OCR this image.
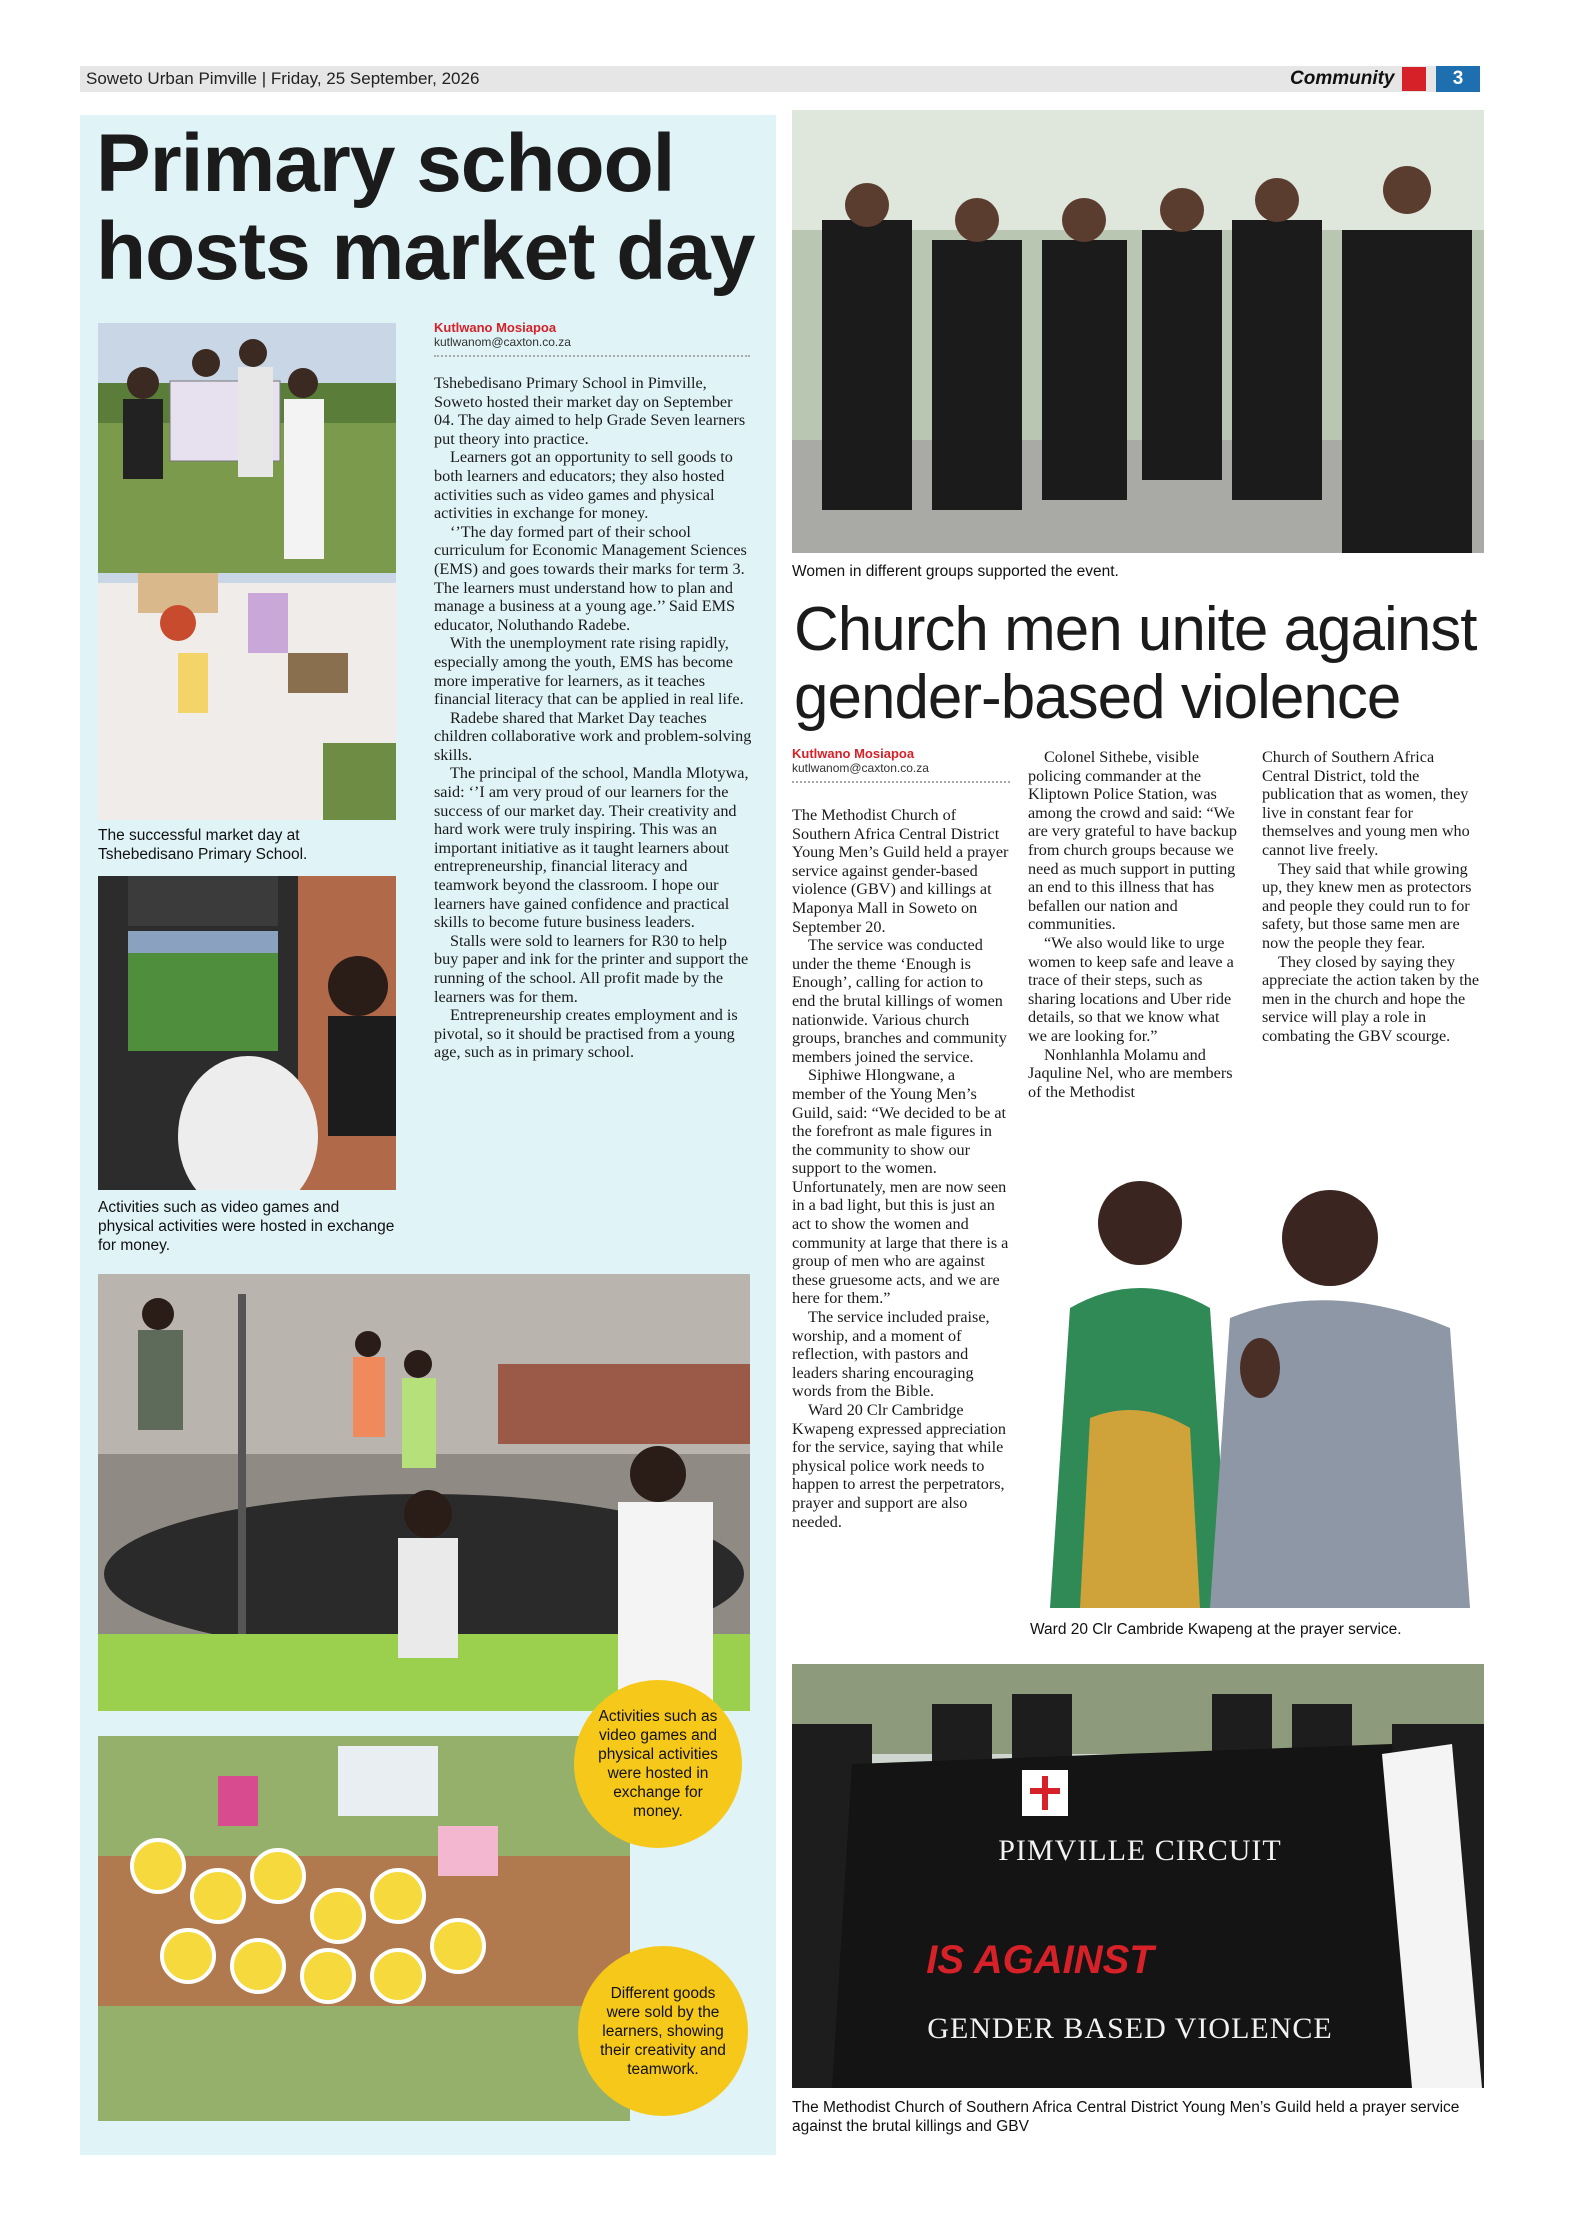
Soweto Urban Pimville | Friday, 25 September, 2026	Community	3
Primary school hosts market day
The successful market day at Tshebedisano Primary School.
Kutlwano Mosiapoa
kutlwanom@caxton.co.za

Tshebedisano Primary School in Pimville, Soweto hosted their market day on September 04. The day aimed to help Grade Seven learners put theory into practice.

Learners got an opportunity to sell goods to both learners and educators; they also hosted activities such as video games and physical activities in exchange for money.

‘’The day formed part of their school curriculum for Economic Management Sciences (EMS) and goes towards their marks for term 3. The learners must understand how to plan and manage a business at a young age.’’ Said EMS educator, Noluthando Radebe.

With the unemployment rate rising rapidly, especially among the youth, EMS has become more imperative for learners, as it teaches financial literacy that can be applied in real life.

Radebe shared that Market Day teaches children collaborative work and problem-solving skills.

The principal of the school, Mandla Mlotywa, said: ‘’I am very proud of our learners for the success of our market day. Their creativity and hard work were truly inspiring. This was an important initiative as it taught learners about entrepreneurship, financial literacy and teamwork beyond the classroom. I hope our learners have gained confidence and practical skills to become future business leaders.

Stalls were sold to learners for R30 to help buy paper and ink for the printer and support the running of the school. All profit made by the learners was for them.

Entrepreneurship creates employment and is pivotal, so it should be practised from a young age, such as in primary school.

Activities such as video games and physical activities were hosted in exchange for money.
Activities such as video games and physical activities were hosted in exchange for money.
Different goods were sold by the learners, showing their creativity and teamwork.
Women in different groups supported the event.
Church men unite against gender-based violence
Kutlwano Mosiapoa
kutlwanom@caxton.co.za

The Methodist Church of Southern Africa Central District Young Men’s Guild held a prayer service against gender-based violence (GBV) and killings at Maponya Mall in Soweto on September 20.

The service was conducted under the theme ‘Enough is Enough’, calling for action to end the brutal killings of women nationwide. Various church groups, branches and community members joined the service.

Siphiwe Hlongwane, a member of the Young Men’s Guild, said: “We decided to be at the forefront as male figures in the community to show our support to the women. Unfortunately, men are now seen in a bad light, but this is just an act to show the women and community at large that there is a group of men who are against these gruesome acts, and we are here for them.”

The service included praise, worship, and a moment of reflection, with pastors and leaders sharing encouraging words from the Bible.

Ward 20 Clr Cambridge Kwapeng expressed appreciation for the service, saying that while physical police work needs to happen to arrest the perpetrators, prayer and support are also needed.

Colonel Sithebe, visible policing commander at the Kliptown Police Station, was among the crowd and said: “We are very grateful to have backup from church groups because we need as much support in putting an end to this illness that has befallen our nation and communities.

“We also would like to urge women to keep safe and leave a trace of their steps, such as sharing locations and Uber ride details, so that we know what we are looking for.”

Nonhlanhla Molamu and Jaquline Nel, who are members of the Methodist

Church of Southern Africa Central District, told the publication that as women, they live in constant fear for themselves and young men who cannot live freely.

They said that while growing up, they knew men as protectors and people they could run to for safety, but those same men are now the people they fear.

They closed by saying they appreciate the action taken by the men in the church and hope the service will play a role in combating the GBV scourge.

Ward 20 Clr Cambride Kwapeng at the prayer service.
PIMVILLE CIRCUIT
IS AGAINST
GENDER BASED VIOLENCE
The Methodist Church of Southern Africa Central District Young Men’s Guild held a prayer service against the brutal killings and GBV
